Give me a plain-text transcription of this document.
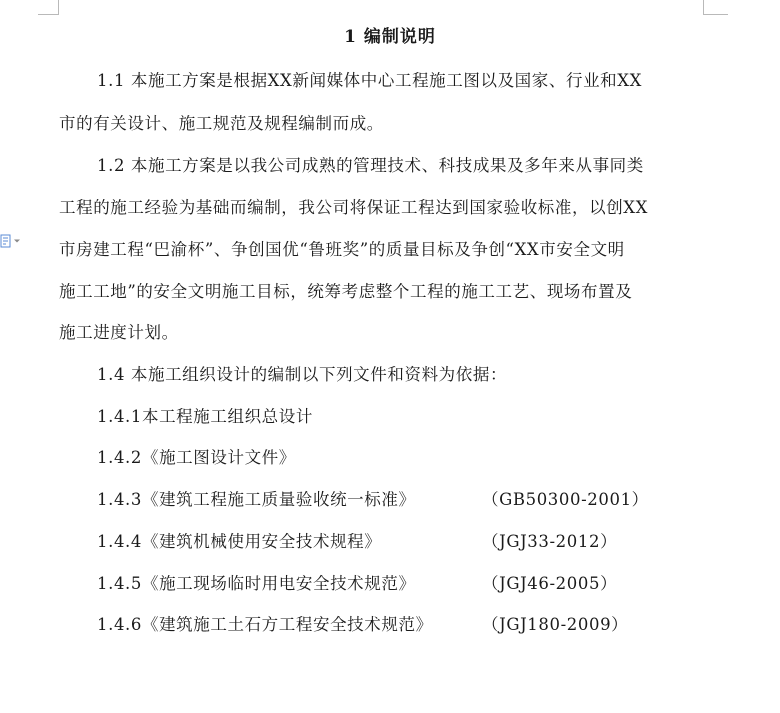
1 编制说明
1.1 本施工方案是根据XX新闻媒体中心工程施工图以及国家、行业和XX
市的有关设计、施工规范及规程编制而成。
1.2 本施工方案是以我公司成熟的管理技术、科技成果及多年来从事同类
工程的施工经验为基础而编制，我公司将保证工程达到国家验收标准，以创XX
市房建工程“巴渝杯”、争创国优“鲁班奖”的质量目标及争创“XX市安全文明
施工工地”的安全文明施工目标，统筹考虑整个工程的施工工艺、现场布置及
施工进度计划。
1.4 本施工组织设计的编制以下列文件和资料为依据：
1.4.1本工程施工组织总设计
1.4.2《施工图设计文件》
1.4.3《建筑工程施工质量验收统一标准》	（GB50300-2001）
1.4.4《建筑机械使用安全技术规程》	（JGJ33-2012）
1.4.5《施工现场临时用电安全技术规范》	（JGJ46-2005）
1.4.6《建筑施工土石方工程安全技术规范》	（JGJ180-2009）
